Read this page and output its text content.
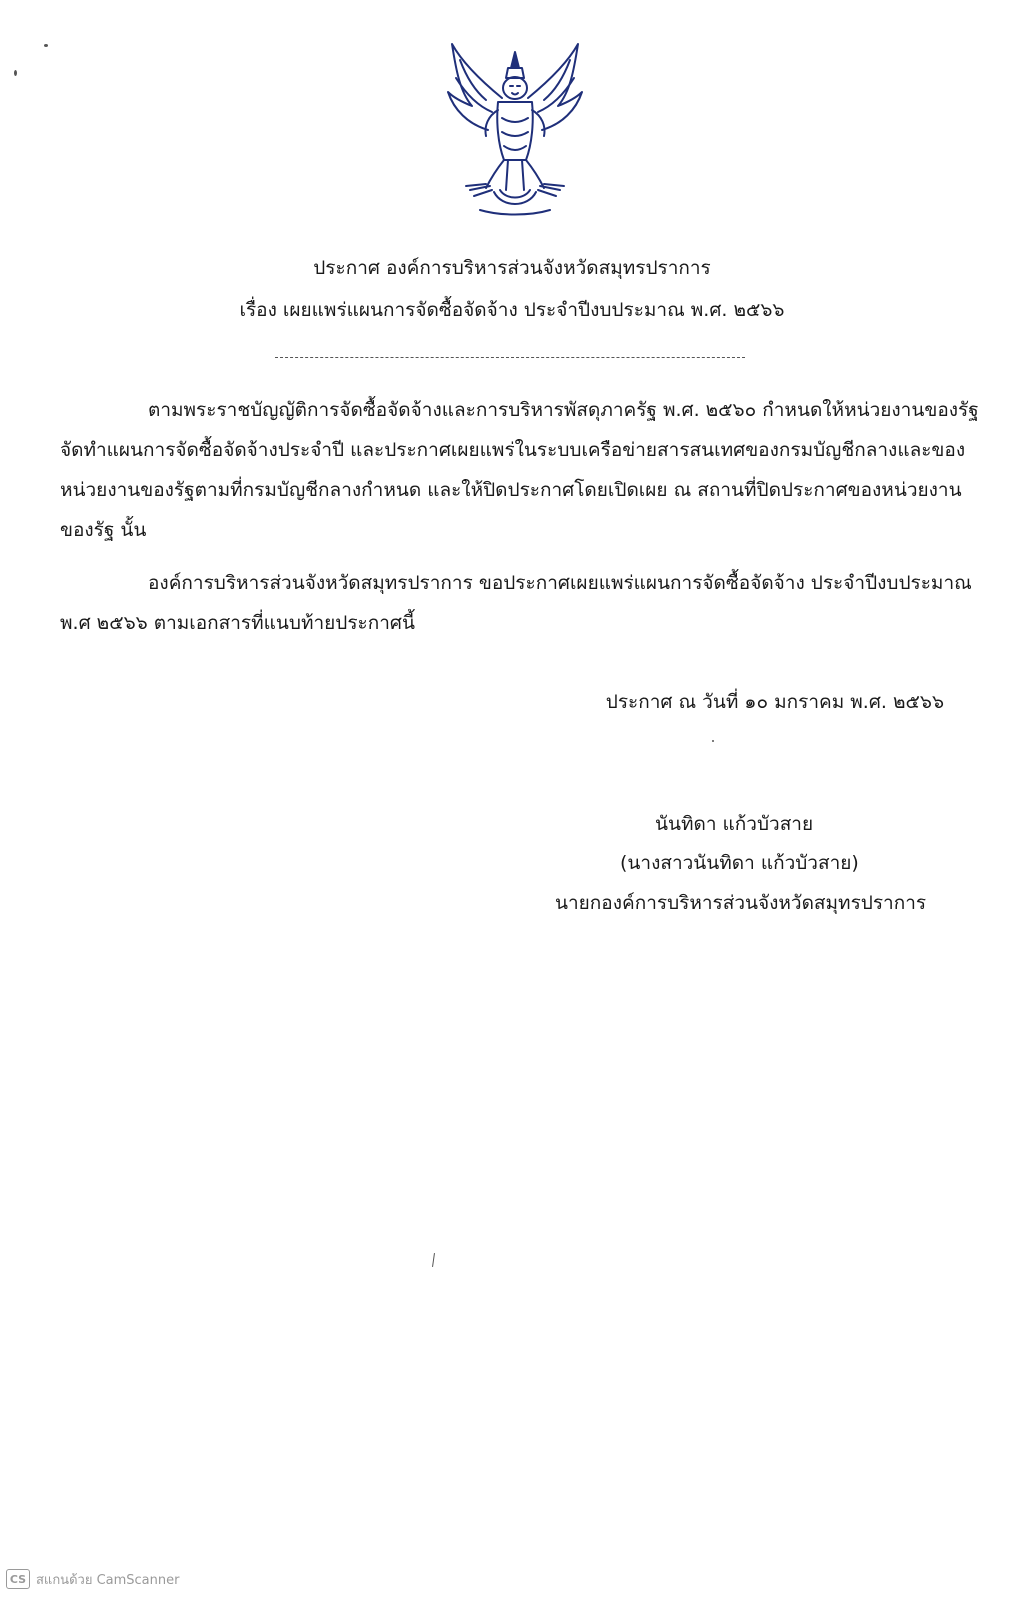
ประกาศ องค์การบริหารส่วนจังหวัดสมุทรปราการ
เรื่อง เผยแพร่แผนการจัดซื้อจัดจ้าง ประจำปีงบประมาณ พ.ศ. ๒๕๖๖
ตามพระราชบัญญัติการจัดซื้อจัดจ้างและการบริหารพัสดุภาครัฐ พ.ศ. ๒๕๖๐ กำหนดให้หน่วยงานของรัฐ
จัดทำแผนการจัดซื้อจัดจ้างประจำปี และประกาศเผยแพร่ในระบบเครือข่ายสารสนเทศของกรมบัญชีกลางและของ
หน่วยงานของรัฐตามที่กรมบัญชีกลางกำหนด และให้ปิดประกาศโดยเปิดเผย ณ สถานที่ปิดประกาศของหน่วยงาน
ของรัฐ นั้น
องค์การบริหารส่วนจังหวัดสมุทรปราการ ขอประกาศเผยแพร่แผนการจัดซื้อจัดจ้าง ประจำปีงบประมาณ
พ.ศ ๒๕๖๖ ตามเอกสารที่แนบท้ายประกาศนี้
ประกาศ ณ วันที่ ๑๐ มกราคม พ.ศ. ๒๕๖๖
นันทิดา แก้วบัวสาย
(นางสาวนันทิดา แก้วบัวสาย)
นายกองค์การบริหารส่วนจังหวัดสมุทรปราการ
CS สแกนด้วย CamScanner
